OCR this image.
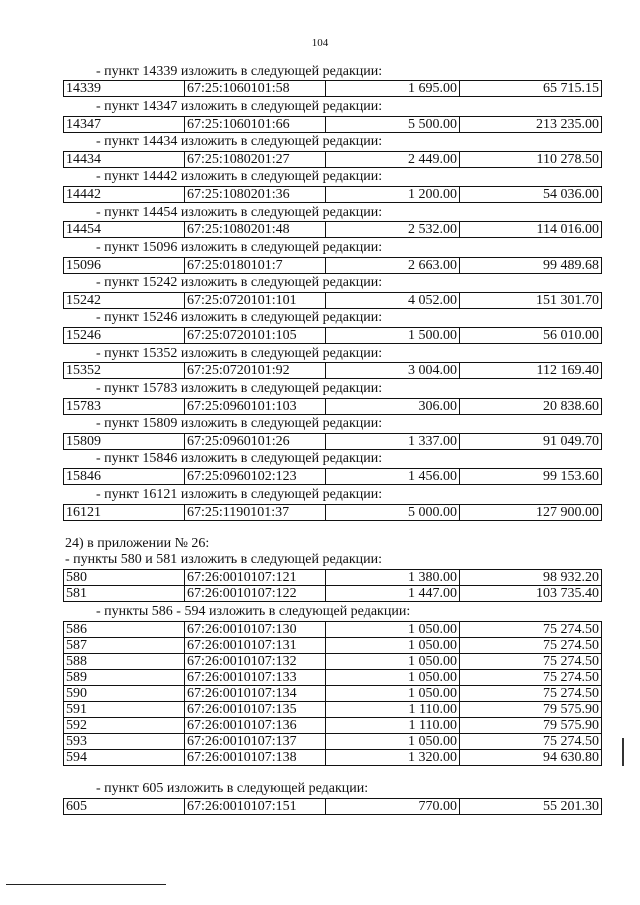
104
- пункт 14339 изложить в следующей редакции:
14339	67:25:1060101:58	1 695.00	65 715.15
- пункт 14347 изложить в следующей редакции:
14347	67:25:1060101:66	5 500.00	213 235.00
- пункт 14434 изложить в следующей редакции:
14434	67:25:1080201:27	2 449.00	110 278.50
- пункт 14442 изложить в следующей редакции:
14442	67:25:1080201:36	1 200.00	54 036.00
- пункт 14454 изложить в следующей редакции:
14454	67:25:1080201:48	2 532.00	114 016.00
- пункт 15096 изложить в следующей редакции:
15096	67:25:0180101:7	2 663.00	99 489.68
- пункт 15242 изложить в следующей редакции:
15242	67:25:0720101:101	4 052.00	151 301.70
- пункт 15246 изложить в следующей редакции:
15246	67:25:0720101:105	1 500.00	56 010.00
- пункт 15352 изложить в следующей редакции:
15352	67:25:0720101:92	3 004.00	112 169.40
- пункт 15783 изложить в следующей редакции:
15783	67:25:0960101:103	306.00	20 838.60
- пункт 15809 изложить в следующей редакции:
15809	67:25:0960101:26	1 337.00	91 049.70
- пункт 15846 изложить в следующей редакции:
15846	67:25:0960102:123	1 456.00	99 153.60
- пункт 16121 изложить в следующей редакции:
16121	67:25:1190101:37	5 000.00	127 900.00
24) в приложении № 26:
- пункты 580 и 581 изложить в следующей редакции:
580	67:26:0010107:121	1 380.00	98 932.20
581	67:26:0010107:122	1 447.00	103 735.40
- пункты 586 - 594 изложить в следующей редакции:
586	67:26:0010107:130	1 050.00	75 274.50
587	67:26:0010107:131	1 050.00	75 274.50
588	67:26:0010107:132	1 050.00	75 274.50
589	67:26:0010107:133	1 050.00	75 274.50
590	67:26:0010107:134	1 050.00	75 274.50
591	67:26:0010107:135	1 110.00	79 575.90
592	67:26:0010107:136	1 110.00	79 575.90
593	67:26:0010107:137	1 050.00	75 274.50
594	67:26:0010107:138	1 320.00	94 630.80
- пункт 605 изложить в следующей редакции:
605	67:26:0010107:151	770.00	55 201.30
